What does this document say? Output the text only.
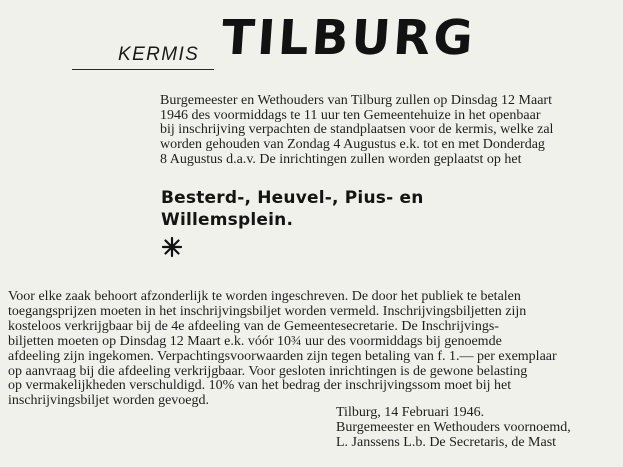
KERMIS TILBURG
Burgemeester en Wethouders van Tilburg zullen op Dinsdag 12 Maart
1946 des voormiddags te 11 uur ten Gemeentehuize in het openbaar
bij inschrijving verpachten de standplaatsen voor de kermis, welke zal
worden gehouden van Zondag 4 Augustus e.k. tot en met Donderdag
8 Augustus d.a.v. De inrichtingen zullen worden geplaatst op het
Besterd-, Heuvel-, Pius- en
Willemsplein.
Voor elke zaak behoort afzonderlijk te worden ingeschreven. De door het publiek te betalen
toegangsprijzen moeten in het inschrijvingsbiljet worden vermeld. Inschrijvingsbiljetten zijn
kosteloos verkrijgbaar bij de 4e afdeeling van de Gemeentesecretarie. De Inschrijvings-
biljetten moeten op Dinsdag 12 Maart e.k. vóór 10¾ uur des voormiddags bij genoemde
afdeeling zijn ingekomen. Verpachtingsvoorwaarden zijn tegen betaling van f. 1.— per exemplaar
op aanvraag bij die afdeeling verkrijgbaar. Voor gesloten inrichtingen is de gewone belasting
op vermakelijkheden verschuldigd. 10% van het bedrag der inschrijvingssom moet bij het
inschrijvingsbiljet worden gevoegd.
Tilburg, 14 Februari 1946.
Burgemeester en Wethouders voornoemd,
L. Janssens L.b. De Secretaris, de Mast
